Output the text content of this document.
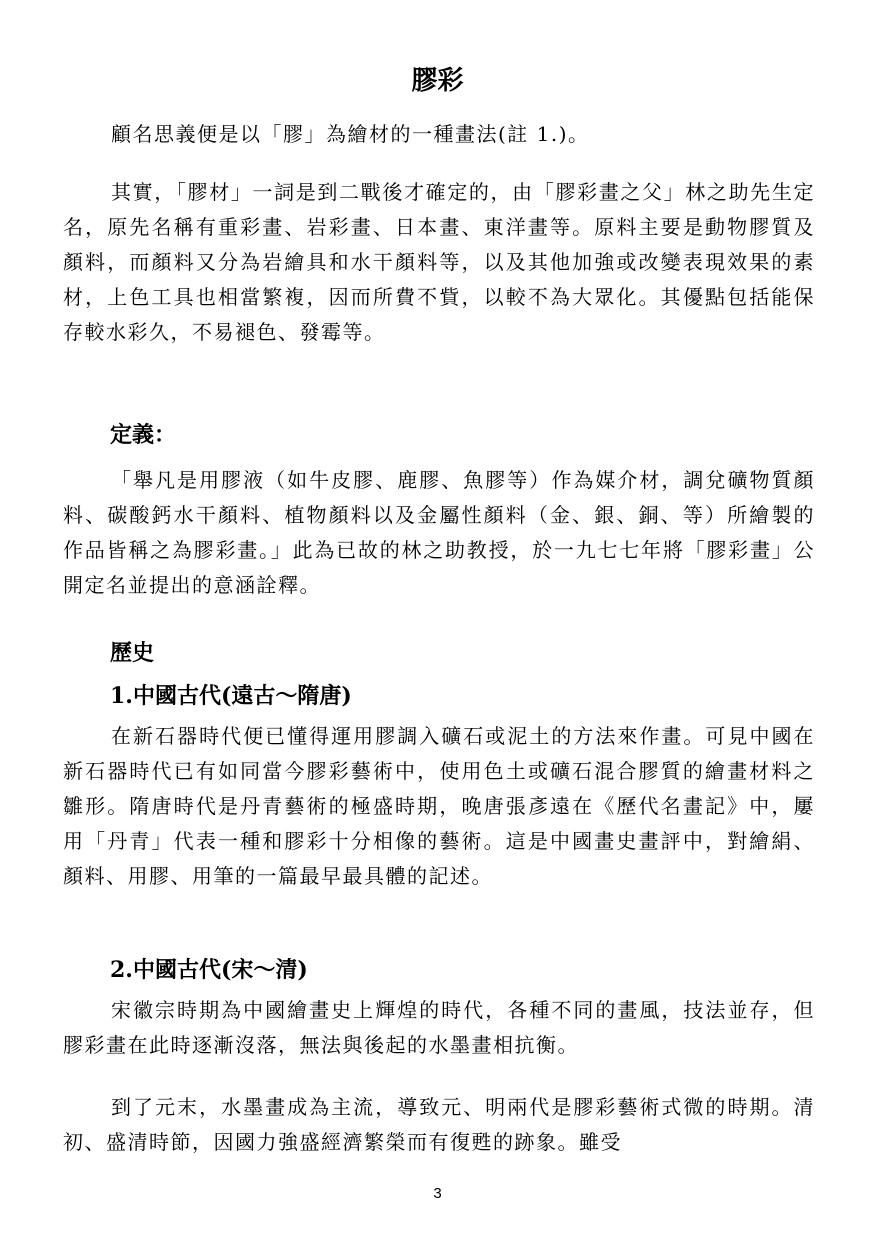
膠彩

顧名思義便是以「膠」為繪材的一種畫法(註 1.)。

其實，「膠材」一詞是到二戰後才確定的，由「膠彩畫之父」林之助先生定名，原先名稱有重彩畫、岩彩畫、日本畫、東洋畫等。原料主要是動物膠質及顏料，而顏料又分為岩繪具和水干顏料等，以及其他加強或改變表現效果的素材，上色工具也相當繁複，因而所費不貲，以較不為大眾化。其優點包括能保存較水彩久，不易褪色、發霉等。

定義：

「舉凡是用膠液（如牛皮膠、鹿膠、魚膠等）作為媒介材，調兌礦物質顏料、碳酸鈣水干顏料、植物顏料以及金屬性顏料（金、銀、銅、等）所繪製的作品皆稱之為膠彩畫。」此為已故的林之助教授，於一九七七年將「膠彩畫」公開定名並提出的意涵詮釋。

歷史
1.中國古代(遠古～隋唐)

在新石器時代便已懂得運用膠調入礦石或泥土的方法來作畫。可見中國在新石器時代已有如同當今膠彩藝術中，使用色土或礦石混合膠質的繪畫材料之雛形。隋唐時代是丹青藝術的極盛時期，晚唐張彥遠在《歷代名畫記》中，屢用「丹青」代表一種和膠彩十分相像的藝術。這是中國畫史畫評中，對繪絹、顏料、用膠、用筆的一篇最早最具體的記述。

2.中國古代(宋～清)

宋徽宗時期為中國繪畫史上輝煌的時代，各種不同的畫風，技法並存，但膠彩畫在此時逐漸沒落，無法與後起的水墨畫相抗衡。

到了元末，水墨畫成為主流，導致元、明兩代是膠彩藝術式微的時期。清初、盛清時節，因國力強盛經濟繁榮而有復甦的跡象。雖受

3
